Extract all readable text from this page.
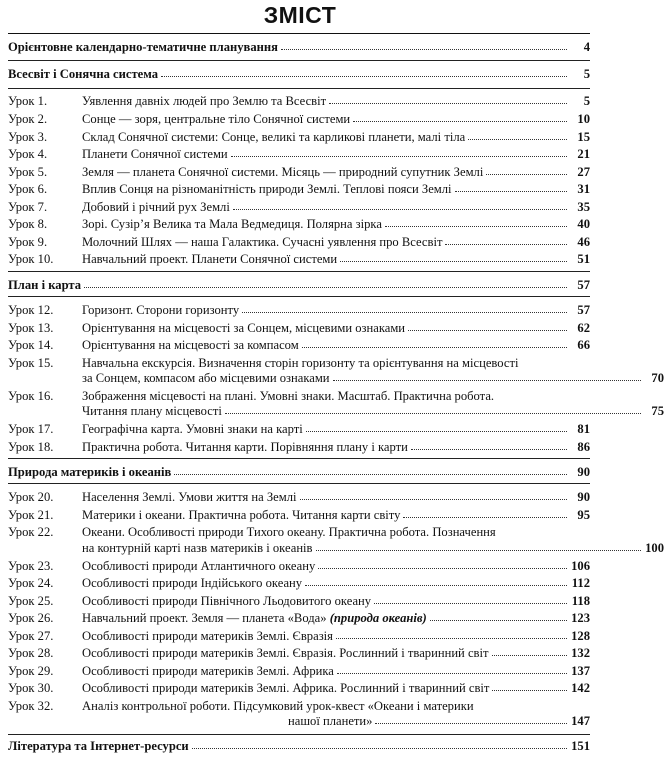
ЗМІСТ
Орієнтовне календарно-тематичне планування	4
Всесвіт і Сонячна система	5
Урок 1.	Уявлення давніх людей про Землю та Всесвіт	5
Урок 2.	Сонце — зоря, центральне тіло Сонячної системи	10
Урок 3.	Склад Сонячної системи: Сонце, великі та карликові планети, малі тіла	15
Урок 4.	Планети Сонячної системи	21
Урок 5.	Земля — планета Сонячної системи. Місяць — природний супутник Землі	27
Урок 6.	Вплив Сонця на різноманітність природи Землі. Теплові пояси Землі	31
Урок 7.	Добовий і річний рух Землі	35
Урок 8.	Зорі. Сузір’я Велика та Мала Ведмедиця. Полярна зірка	40
Урок 9.	Молочний Шлях — наша Галактика. Сучасні уявлення про Всесвіт	46
Урок 10.	Навчальний проект. Планети Сонячної системи	51
План і карта	57
Урок 12.	Горизонт. Сторони горизонту	57
Урок 13.	Орієнтування на місцевості за Сонцем, місцевими ознаками	62
Урок 14.	Орієнтування на місцевості за компасом	66
Урок 15.	Навчальна екскурсія. Визначення сторін горизонту та орієнтування на місцевості
за Сонцем, компасом або місцевими ознаками	70
Урок 16.	Зображення місцевості на плані. Умовні знаки. Масштаб. Практична робота.
Читання плану місцевості	75
Урок 17.	Географічна карта. Умовні знаки на карті	81
Урок 18.	Практична робота. Читання карти. Порівняння плану і карти	86
Природа материків і океанів	90
Урок 20.	Населення Землі. Умови життя на Землі	90
Урок 21.	Материки і океани. Практична робота. Читання карти світу	95
Урок 22.	Океани. Особливості природи Тихого океану. Практична робота. Позначення
на контурній карті назв материків і океанів	100
Урок 23.	Особливості природи Атлантичного океану	106
Урок 24.	Особливості природи Індійського океану	112
Урок 25.	Особливості природи Північного Льодовитого океану	118
Урок 26.	Навчальний проект. Земля — планета «Вода» (природа океанів)	123
Урок 27.	Особливості природи материків Землі. Євразія	128
Урок 28.	Особливості природи материків Землі. Євразія. Рослинний і тваринний світ	132
Урок 29.	Особливості природи материків Землі. Африка	137
Урок 30.	Особливості природи материків Землі. Африка. Рослинний і тваринний світ	142
Урок 32.	Аналіз контрольної роботи. Підсумковий урок-квест «Океани і материки
нашої планети»	147
Література та Інтернет-ресурси	151
